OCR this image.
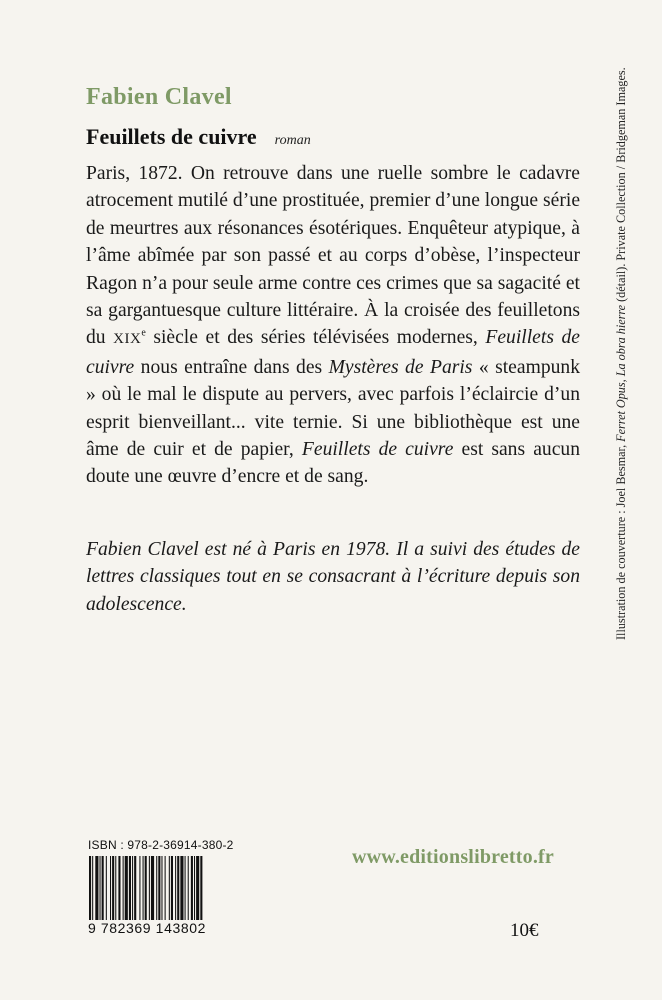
Fabien Clavel
Feuillets de cuivre roman

Paris, 1872. On retrouve dans une ruelle sombre le cadavre atrocement mutilé d’une prostituée, premier d’une longue série de meurtres aux résonances ésotériques. Enquêteur atypique, à l’âme abîmée par son passé et au corps d’obèse, l’inspecteur Ragon n’a pour seule arme contre ces crimes que sa sagacité et sa gargantuesque culture littéraire. À la croisée des feuilletons du XIXe siècle et des séries télévisées modernes, Feuillets de cuivre nous entraîne dans des Mystères de Paris « steampunk » où le mal le dispute au pervers, avec parfois l’éclaircie d’un esprit bienveillant... vite ternie. Si une bibliothèque est une âme de cuir et de papier, Feuillets de cuivre est sans aucun doute une œuvre d’encre et de sang.

Fabien Clavel est né à Paris en 1978. Il a suivi des études de lettres classiques tout en se consacrant à l’écriture depuis son adolescence.	Illustration de couverture : Joel Besmar, Ferret Opus, La obra hierre (détail). Private Collection / Bridgeman Images.
ISBN : 978-2-36914-380-2
9 782369 143802
www.editionslibretto.fr
10€
